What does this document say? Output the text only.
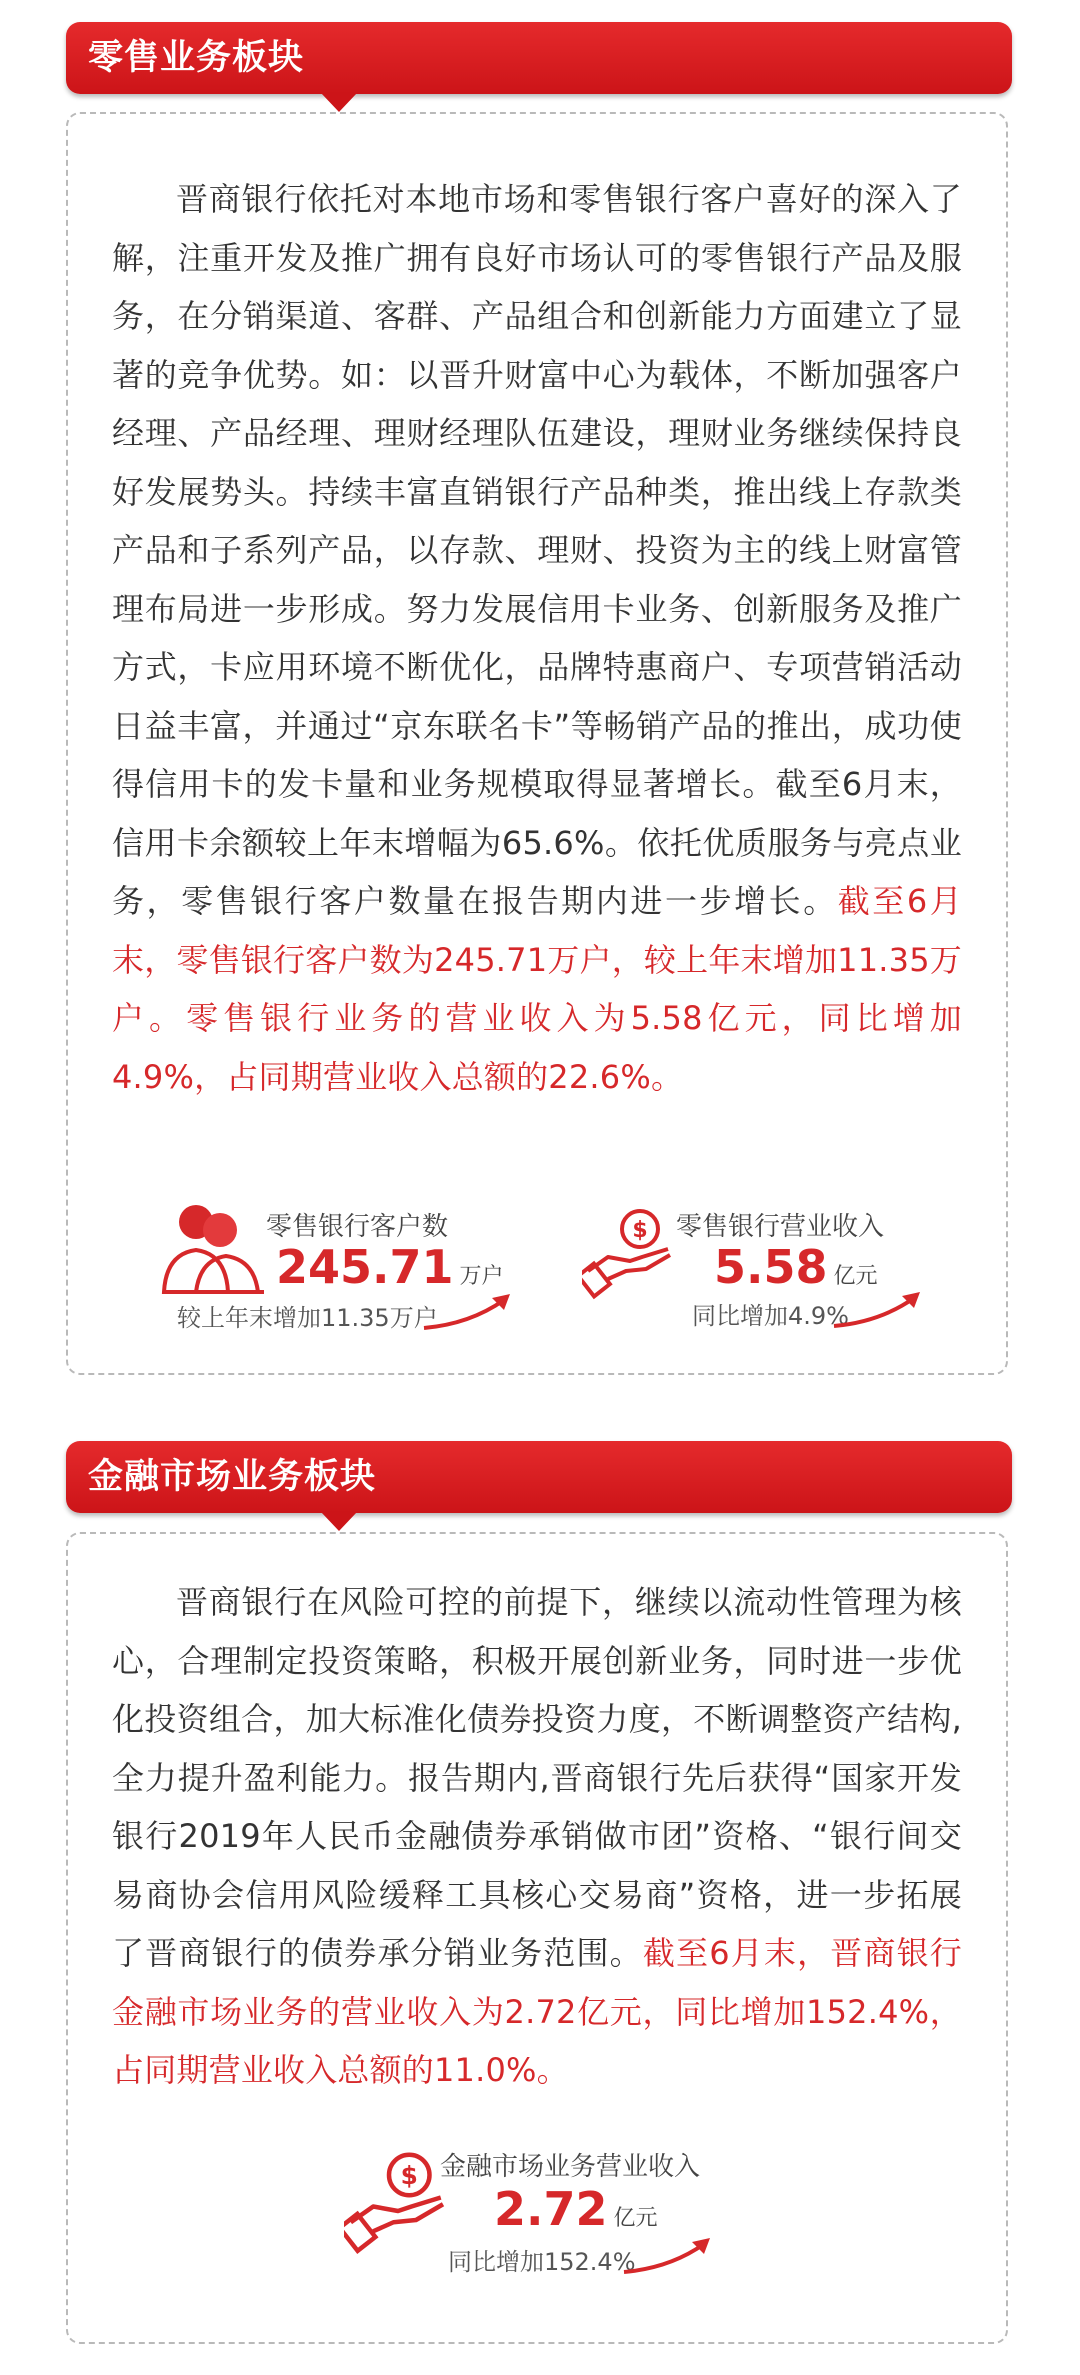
零售业务板块
晋商银行依托对本地市场和零售银行客户喜好的深入了解，注重开发及推广拥有良好市场认可的零售银行产品及服务，在分销渠道、客群、产品组合和创新能力方面建立了显著的竞争优势。如：以晋升财富中心为载体，不断加强客户经理、产品经理、理财经理队伍建设，理财业务继续保持良好发展势头。持续丰富直销银行产品种类，推出线上存款类产品和子系列产品，以存款、理财、投资为主的线上财富管理布局进一步形成。努力发展信用卡业务、创新服务及推广方式，卡应用环境不断优化，品牌特惠商户、专项营销活动日益丰富，并通过“京东联名卡”等畅销产品的推出，成功使得信用卡的发卡量和业务规模取得显著增长。截至6月末，信用卡余额较上年末增幅为65.6%。依托优质服务与亮点业务，零售银行客户数量在报告期内进一步增长。截至6月末，零售银行客户数为245.71万户，较上年末增加11.35万户。零售银行业务的营业收入为5.58亿元，同比增加4.9%，占同期营业收入总额的22.6%。
零售银行客户数
245.71 万户
较上年末增加11.35万户
$ 零售银行营业收入
5.58 亿元
同比增加4.9%
金融市场业务板块
晋商银行在风险可控的前提下，继续以流动性管理为核心，合理制定投资策略，积极开展创新业务，同时进一步优化投资组合，加大标准化债券投资力度，不断调整资产结构,全力提升盈利能力。报告期内,晋商银行先后获得“国家开发银行2019年人民币金融债券承销做市团”资格、“银行间交易商协会信用风险缓释工具核心交易商”资格，进一步拓展了晋商银行的债券承分销业务范围。截至6月末，晋商银行金融市场业务的营业收入为2.72亿元，同比增加152.4%，占同期营业收入总额的11.0%。
$ 金融市场业务营业收入
2.72 亿元
同比增加152.4%
